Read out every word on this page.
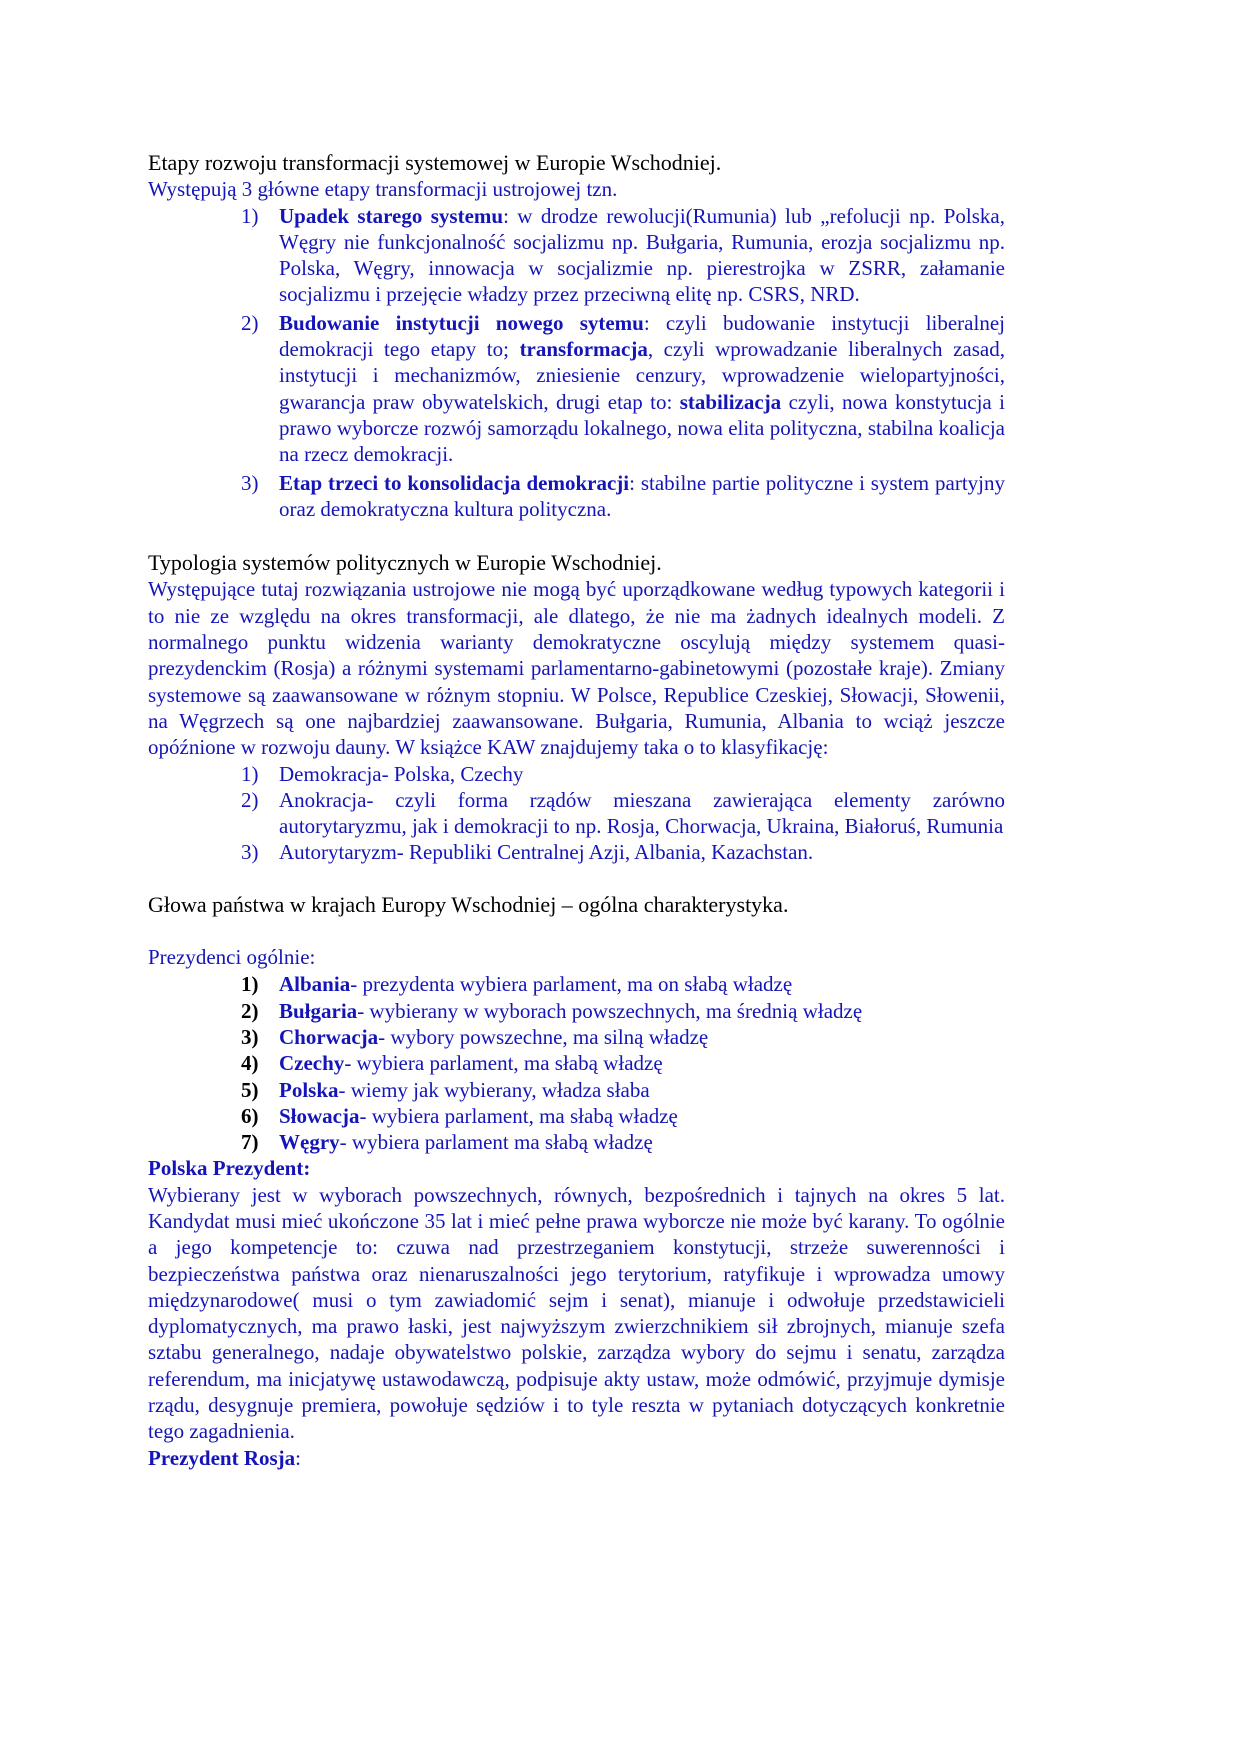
Etapy rozwoju transformacji systemowej w Europie Wschodniej.

Występują 3 główne etapy transformacji ustrojowej tzn.

1) Upadek starego systemu: w drodze rewolucji(Rumunia) lub „refolucji np. Polska, Węgry nie funkcjonalność socjalizmu np. Bułgaria, Rumunia, erozja socjalizmu np. Polska, Węgry, innowacja w socjalizmie np. pierestrojka w ZSRR, załamanie socjalizmu i przejęcie władzy przez przeciwną elitę np. CSRS, NRD.
2) Budowanie instytucji nowego sytemu: czyli budowanie instytucji liberalnej demokracji tego etapy to; transformacja, czyli wprowadzanie liberalnych zasad, instytucji i mechanizmów, zniesienie cenzury, wprowadzenie wielopartyjności, gwarancja praw obywatelskich, drugi etap to: stabilizacja czyli, nowa konstytucja i prawo wyborcze rozwój samorządu lokalnego, nowa elita polityczna, stabilna koalicja na rzecz demokracji.
3) Etap trzeci to konsolidacja demokracji: stabilne partie polityczne i system partyjny oraz demokratyczna kultura polityczna.

Typologia systemów politycznych w Europie Wschodniej.

Występujące tutaj rozwiązania ustrojowe nie mogą być uporządkowane według typowych kategorii i to nie ze względu na okres transformacji, ale dlatego, że nie ma żadnych idealnych modeli. Z normalnego punktu widzenia warianty demokratyczne oscylują między systemem quasi-prezydenckim (Rosja) a różnymi systemami parlamentarno-gabinetowymi (pozostałe kraje). Zmiany systemowe są zaawansowane w różnym stopniu. W Polsce, Republice Czeskiej, Słowacji, Słowenii, na Węgrzech są one najbardziej zaawansowane. Bułgaria, Rumunia, Albania to wciąż jeszcze opóźnione w rozwoju dauny. W książce KAW znajdujemy taka o to klasyfikację:

1) Demokracja- Polska, Czechy
2) Anokracja- czyli forma rządów mieszana zawierająca elementy zarówno autorytaryzmu, jak i demokracji to np. Rosja, Chorwacja, Ukraina, Białoruś, Rumunia
3) Autorytaryzm- Republiki Centralnej Azji, Albania, Kazachstan.

Głowa państwa w krajach Europy Wschodniej – ogólna charakterystyka.

Prezydenci ogólnie:

1) Albania- prezydenta wybiera parlament, ma on słabą władzę
2) Bułgaria- wybierany w wyborach powszechnych, ma średnią władzę
3) Chorwacja- wybory powszechne, ma silną władzę
4) Czechy- wybiera parlament, ma słabą władzę
5) Polska- wiemy jak wybierany, władza słaba
6) Słowacja- wybiera parlament, ma słabą władzę
7) Węgry- wybiera parlament ma słabą władzę

Polska Prezydent:

Wybierany jest w wyborach powszechnych, równych, bezpośrednich i tajnych na okres 5 lat. Kandydat musi mieć ukończone 35 lat i mieć pełne prawa wyborcze nie może być karany. To ogólnie a jego kompetencje to: czuwa nad przestrzeganiem konstytucji, strzeże suwerenności i bezpieczeństwa państwa oraz nienaruszalności jego terytorium, ratyfikuje i wprowadza umowy międzynarodowe( musi o tym zawiadomić sejm i senat), mianuje i odwołuje przedstawicieli dyplomatycznych, ma prawo łaski, jest najwyższym zwierzchnikiem sił zbrojnych, mianuje szefa sztabu generalnego, nadaje obywatelstwo polskie, zarządza wybory do sejmu i senatu, zarządza referendum, ma inicjatywę ustawodawczą, podpisuje akty ustaw, może odmówić, przyjmuje dymisje rządu, desygnuje premiera, powołuje sędziów i to tyle reszta w pytaniach dotyczących konkretnie tego zagadnienia.

Prezydent Rosja:
